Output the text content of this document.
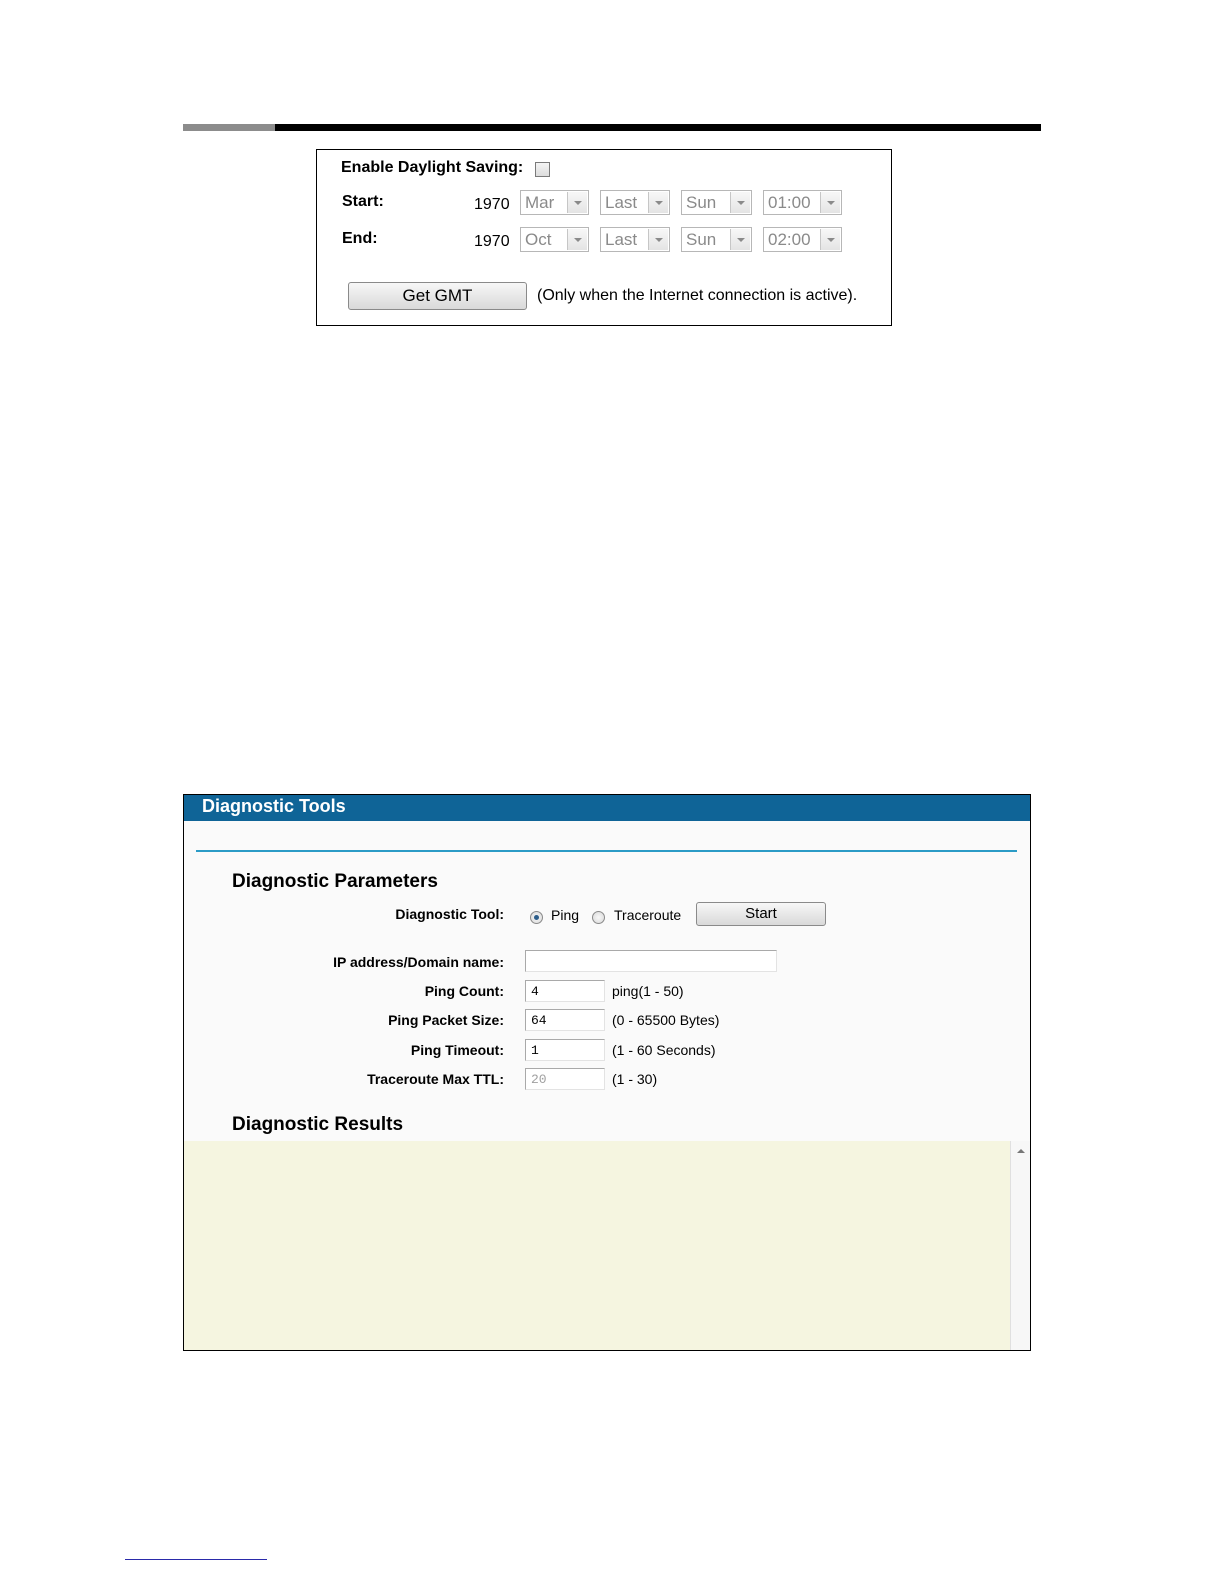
Enable Daylight Saving:
Start:	1970 Mar	Last	Sun	01:00
End:	1970 Oct	Last	Sun	02:00
Get GMT	(Only when the Internet connection is active).
Diagnostic Tools
Diagnostic Parameters
Diagnostic Tool:	Ping Traceroute	Start
IP address/Domain name:
Ping Count:	4	ping(1 - 50)
Ping Packet Size:	64	(0 - 65500 Bytes)
Ping Timeout:	1	(1 - 60 Seconds)
Traceroute Max TTL:	20	(1 - 30)
Diagnostic Results
